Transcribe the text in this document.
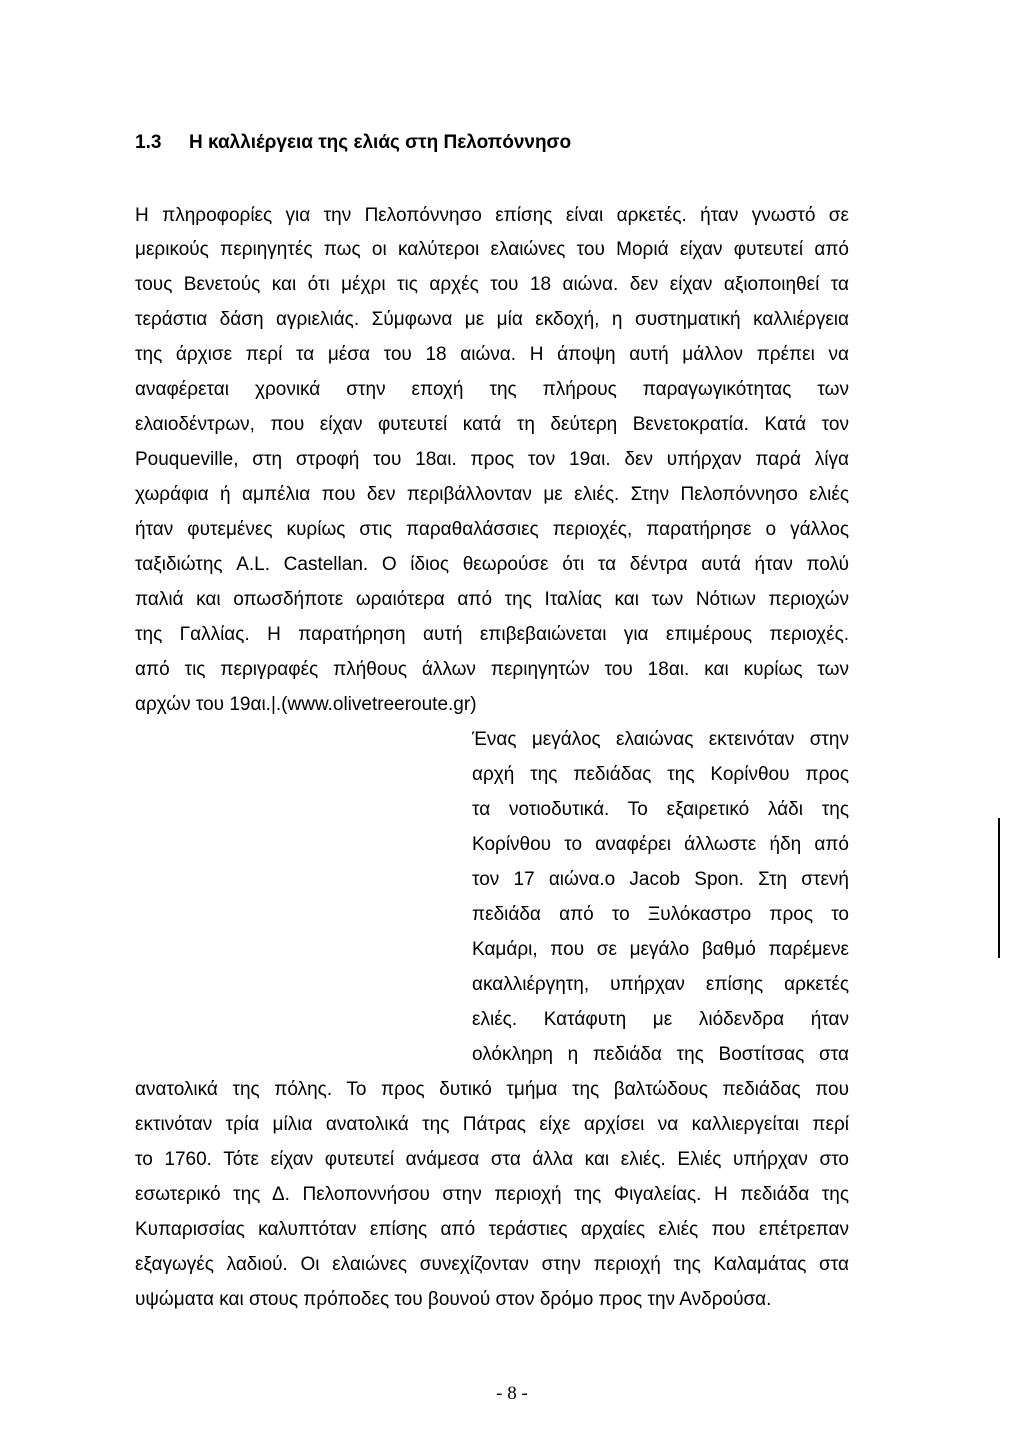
1.3 Η καλλιέργεια της ελιάς στη Πελοπόννησο
Η πληροφορίες για την Πελοπόννησο επίσης είναι αρκετές. ήταν γνωστό σε
μερικούς περιηγητές πως οι καλύτεροι ελαιώνες του Μοριά είχαν φυτευτεί από
τους Βενετούς και ότι μέχρι τις αρχές του 18 αιώνα. δεν είχαν αξιοποιηθεί τα
τεράστια δάση αγριελιάς. Σύμφωνα με μία εκδοχή, η συστηματική καλλιέργεια
της άρχισε περί τα μέσα του 18 αιώνα. Η άποψη αυτή μάλλον πρέπει να
αναφέρεται χρονικά στην εποχή της πλήρους παραγωγικότητας των
ελαιοδέντρων, που είχαν φυτευτεί κατά τη δεύτερη Βενετοκρατία. Κατά τον
Pouqueville, στη στροφή του 18αι. προς τον 19αι. δεν υπήρχαν παρά λίγα
χωράφια ή αμπέλια που δεν περιβάλλονταν με ελιές. Στην Πελοπόννησο ελιές
ήταν φυτεμένες κυρίως στις παραθαλάσσιες περιοχές, παρατήρησε ο γάλλος
ταξιδιώτης A.L. Castellan. Ο ίδιος θεωρούσε ότι τα δέντρα αυτά ήταν πολύ
παλιά και οπωσδήποτε ωραιότερα από της Ιταλίας και των Νότιων περιοχών
της Γαλλίας. Η παρατήρηση αυτή επιβεβαιώνεται για επιμέρους περιοχές.
από τις περιγραφές πλήθους άλλων περιηγητών του 18αι. και κυρίως των
αρχών του 19αι.|.(www.olivetreeroute.gr)
Ένας μεγάλος ελαιώνας εκτεινόταν στην
αρχή της πεδιάδας της Κορίνθου προς
τα νοτιοδυτικά. Το εξαιρετικό λάδι της
Κορίνθου το αναφέρει άλλωστε ήδη από
τον 17 αιώνα.ο Jacob Spon. Στη στενή
πεδιάδα από το Ξυλόκαστρο προς το
Καμάρι, που σε μεγάλο βαθμό παρέμενε
ακαλλιέργητη, υπήρχαν επίσης αρκετές
ελιές. Κατάφυτη με λιόδενδρα ήταν
ολόκληρη η πεδιάδα της Βοστίτσας στα
ανατολικά της πόλης. Το προς δυτικό τμήμα της βαλτώδους πεδιάδας που
εκτινόταν τρία μίλια ανατολικά της Πάτρας είχε αρχίσει να καλλιεργείται περί
το 1760. Τότε είχαν φυτευτεί ανάμεσα στα άλλα και ελιές. Ελιές υπήρχαν στο
εσωτερικό της Δ. Πελοποννήσου στην περιοχή της Φιγαλείας. Η πεδιάδα της
Κυπαρισσίας καλυπτόταν επίσης από τεράστιες αρχαίες ελιές που επέτρεπαν
εξαγωγές λαδιού. Οι ελαιώνες συνεχίζονταν στην περιοχή της Καλαμάτας στα
υψώματα και στους πρόποδες του βουνού στον δρόμο προς την Ανδρούσα.
- 8 -
